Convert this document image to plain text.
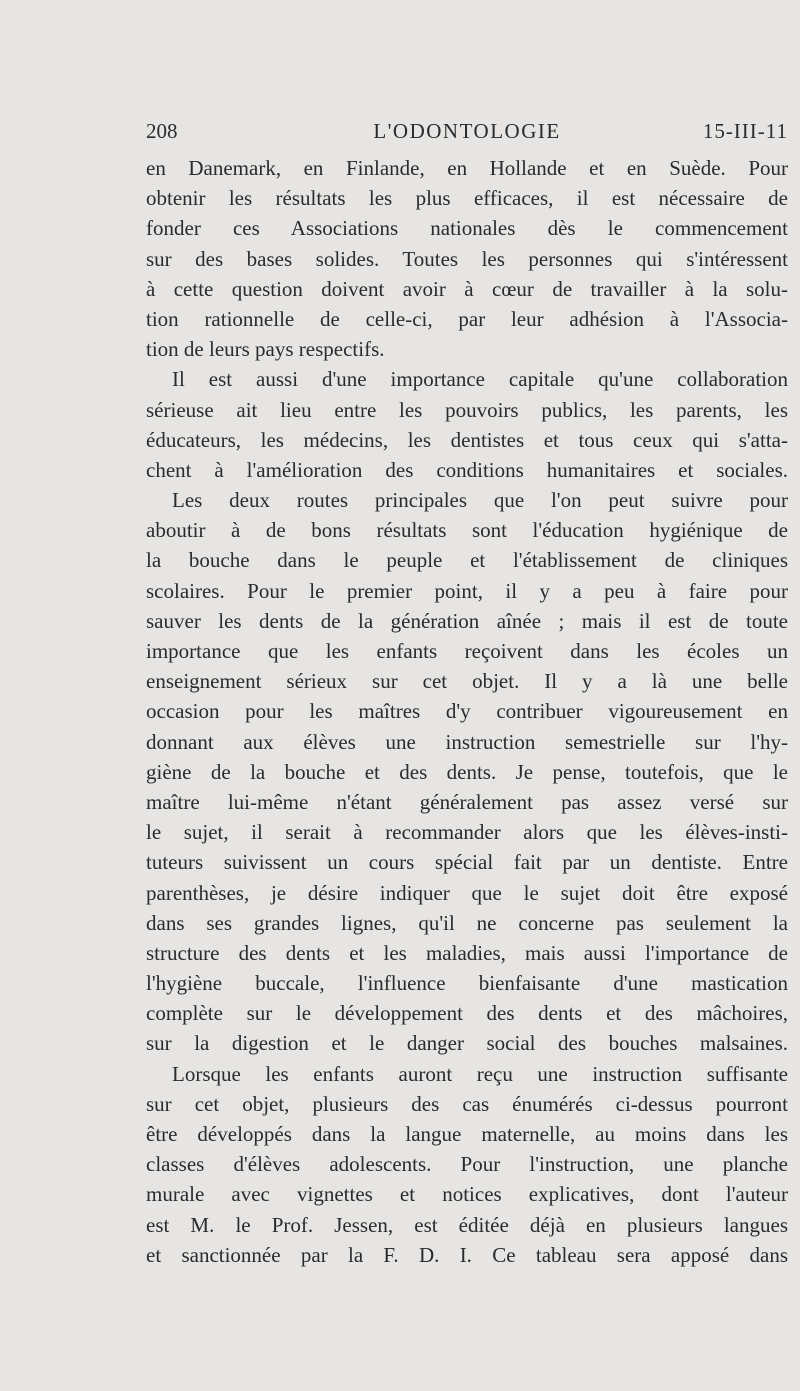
208	L'ODONTOLOGIE	15-III-11
en Danemark, en Finlande, en Hollande et en Suède. Pour
obtenir les résultats les plus efficaces, il est nécessaire de
fonder ces Associations nationales dès le commencement
sur des bases solides. Toutes les personnes qui s'intéressent
à cette question doivent avoir à cœur de travailler à la solu-
tion rationnelle de celle-ci, par leur adhésion à l'Associa-
tion de leurs pays respectifs.
Il est aussi d'une importance capitale qu'une collaboration
sérieuse ait lieu entre les pouvoirs publics, les parents, les
éducateurs, les médecins, les dentistes et tous ceux qui s'atta-
chent à l'amélioration des conditions humanitaires et sociales.
Les deux routes principales que l'on peut suivre pour
aboutir à de bons résultats sont l'éducation hygiénique de
la bouche dans le peuple et l'établissement de cliniques
scolaires. Pour le premier point, il y a peu à faire pour
sauver les dents de la génération aînée ; mais il est de toute
importance que les enfants reçoivent dans les écoles un
enseignement sérieux sur cet objet. Il y a là une belle
occasion pour les maîtres d'y contribuer vigoureusement en
donnant aux élèves une instruction semestrielle sur l'hy-
giène de la bouche et des dents. Je pense, toutefois, que le
maître lui-même n'étant généralement pas assez versé sur
le sujet, il serait à recommander alors que les élèves-insti-
tuteurs suivissent un cours spécial fait par un dentiste. Entre
parenthèses, je désire indiquer que le sujet doit être exposé
dans ses grandes lignes, qu'il ne concerne pas seulement la
structure des dents et les maladies, mais aussi l'importance de
l'hygiène buccale, l'influence bienfaisante d'une mastication
complète sur le développement des dents et des mâchoires,
sur la digestion et le danger social des bouches malsaines.
Lorsque les enfants auront reçu une instruction suffisante
sur cet objet, plusieurs des cas énumérés ci-dessus pourront
être développés dans la langue maternelle, au moins dans les
classes d'élèves adolescents. Pour l'instruction, une planche
murale avec vignettes et notices explicatives, dont l'auteur
est M. le Prof. Jessen, est éditée déjà en plusieurs langues
et sanctionnée par la F. D. I. Ce tableau sera apposé dans
